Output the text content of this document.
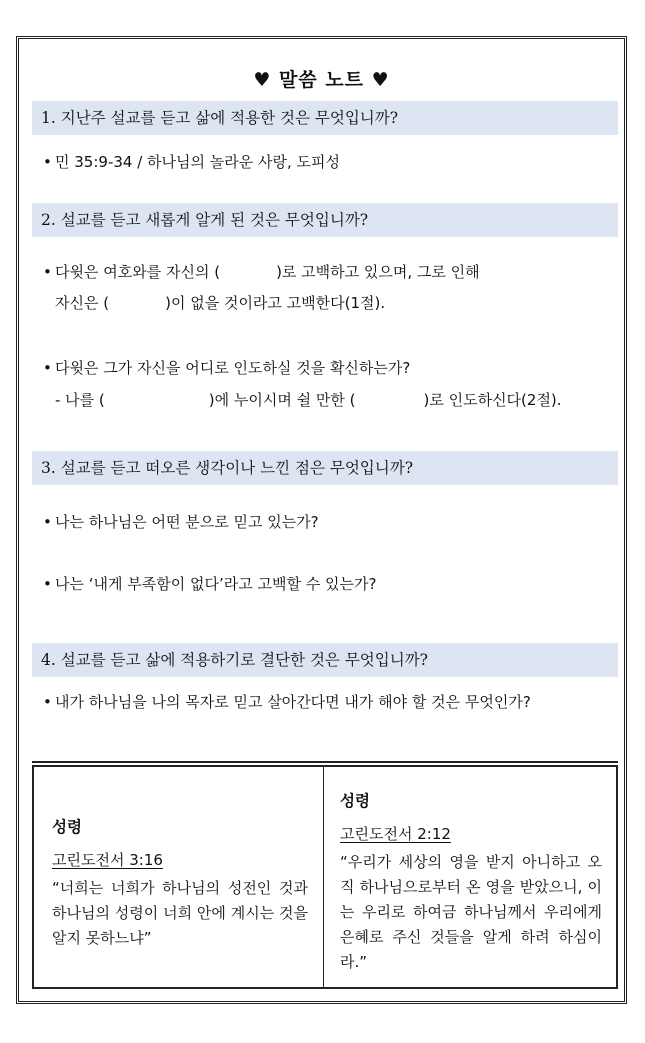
♥ 말씀 노트 ♥
1. 지난주 설교를 듣고 삶에 적용한 것은 무엇입니까?
• 민 35:9-34 / 하나님의 놀라운 사랑, 도피성
2. 설교를 듣고 새롭게 알게 된 것은 무엇입니까?
• 다윗은 여호와를 자신의 (	)로 고백하고 있으며, 그로 인해
자신은 (	)이 없을 것이라고 고백한다(1절).
• 다윗은 그가 자신을 어디로 인도하실 것을 확신하는가?
- 나를 (	)에 누이시며 쉴 만한 (	)로 인도하신다(2절).
3. 설교를 듣고 떠오른 생각이나 느낀 점은 무엇입니까?
• 나는 하나님은 어떤 분으로 믿고 있는가?
• 나는 ‘내게 부족함이 없다’라고 고백할 수 있는가?
4. 설교를 듣고 삶에 적용하기로 결단한 것은 무엇입니까?
• 내가 하나님을 나의 목자로 믿고 살아간다면 내가 해야 할 것은 무엇인가?
성령
고린도전서 3:16
“너희는 너희가 하나님의 성전인 것과 하나님의 성령이 너희 안에 계시는 것을 알지 못하느냐”
성령
고린도전서 2:12
“우리가 세상의 영을 받지 아니하고 오직 하나님으로부터 온 영을 받았으니, 이는 우리로 하여금 하나님께서 우리에게 은혜로 주신 것들을 알게 하려 하심이라.”
